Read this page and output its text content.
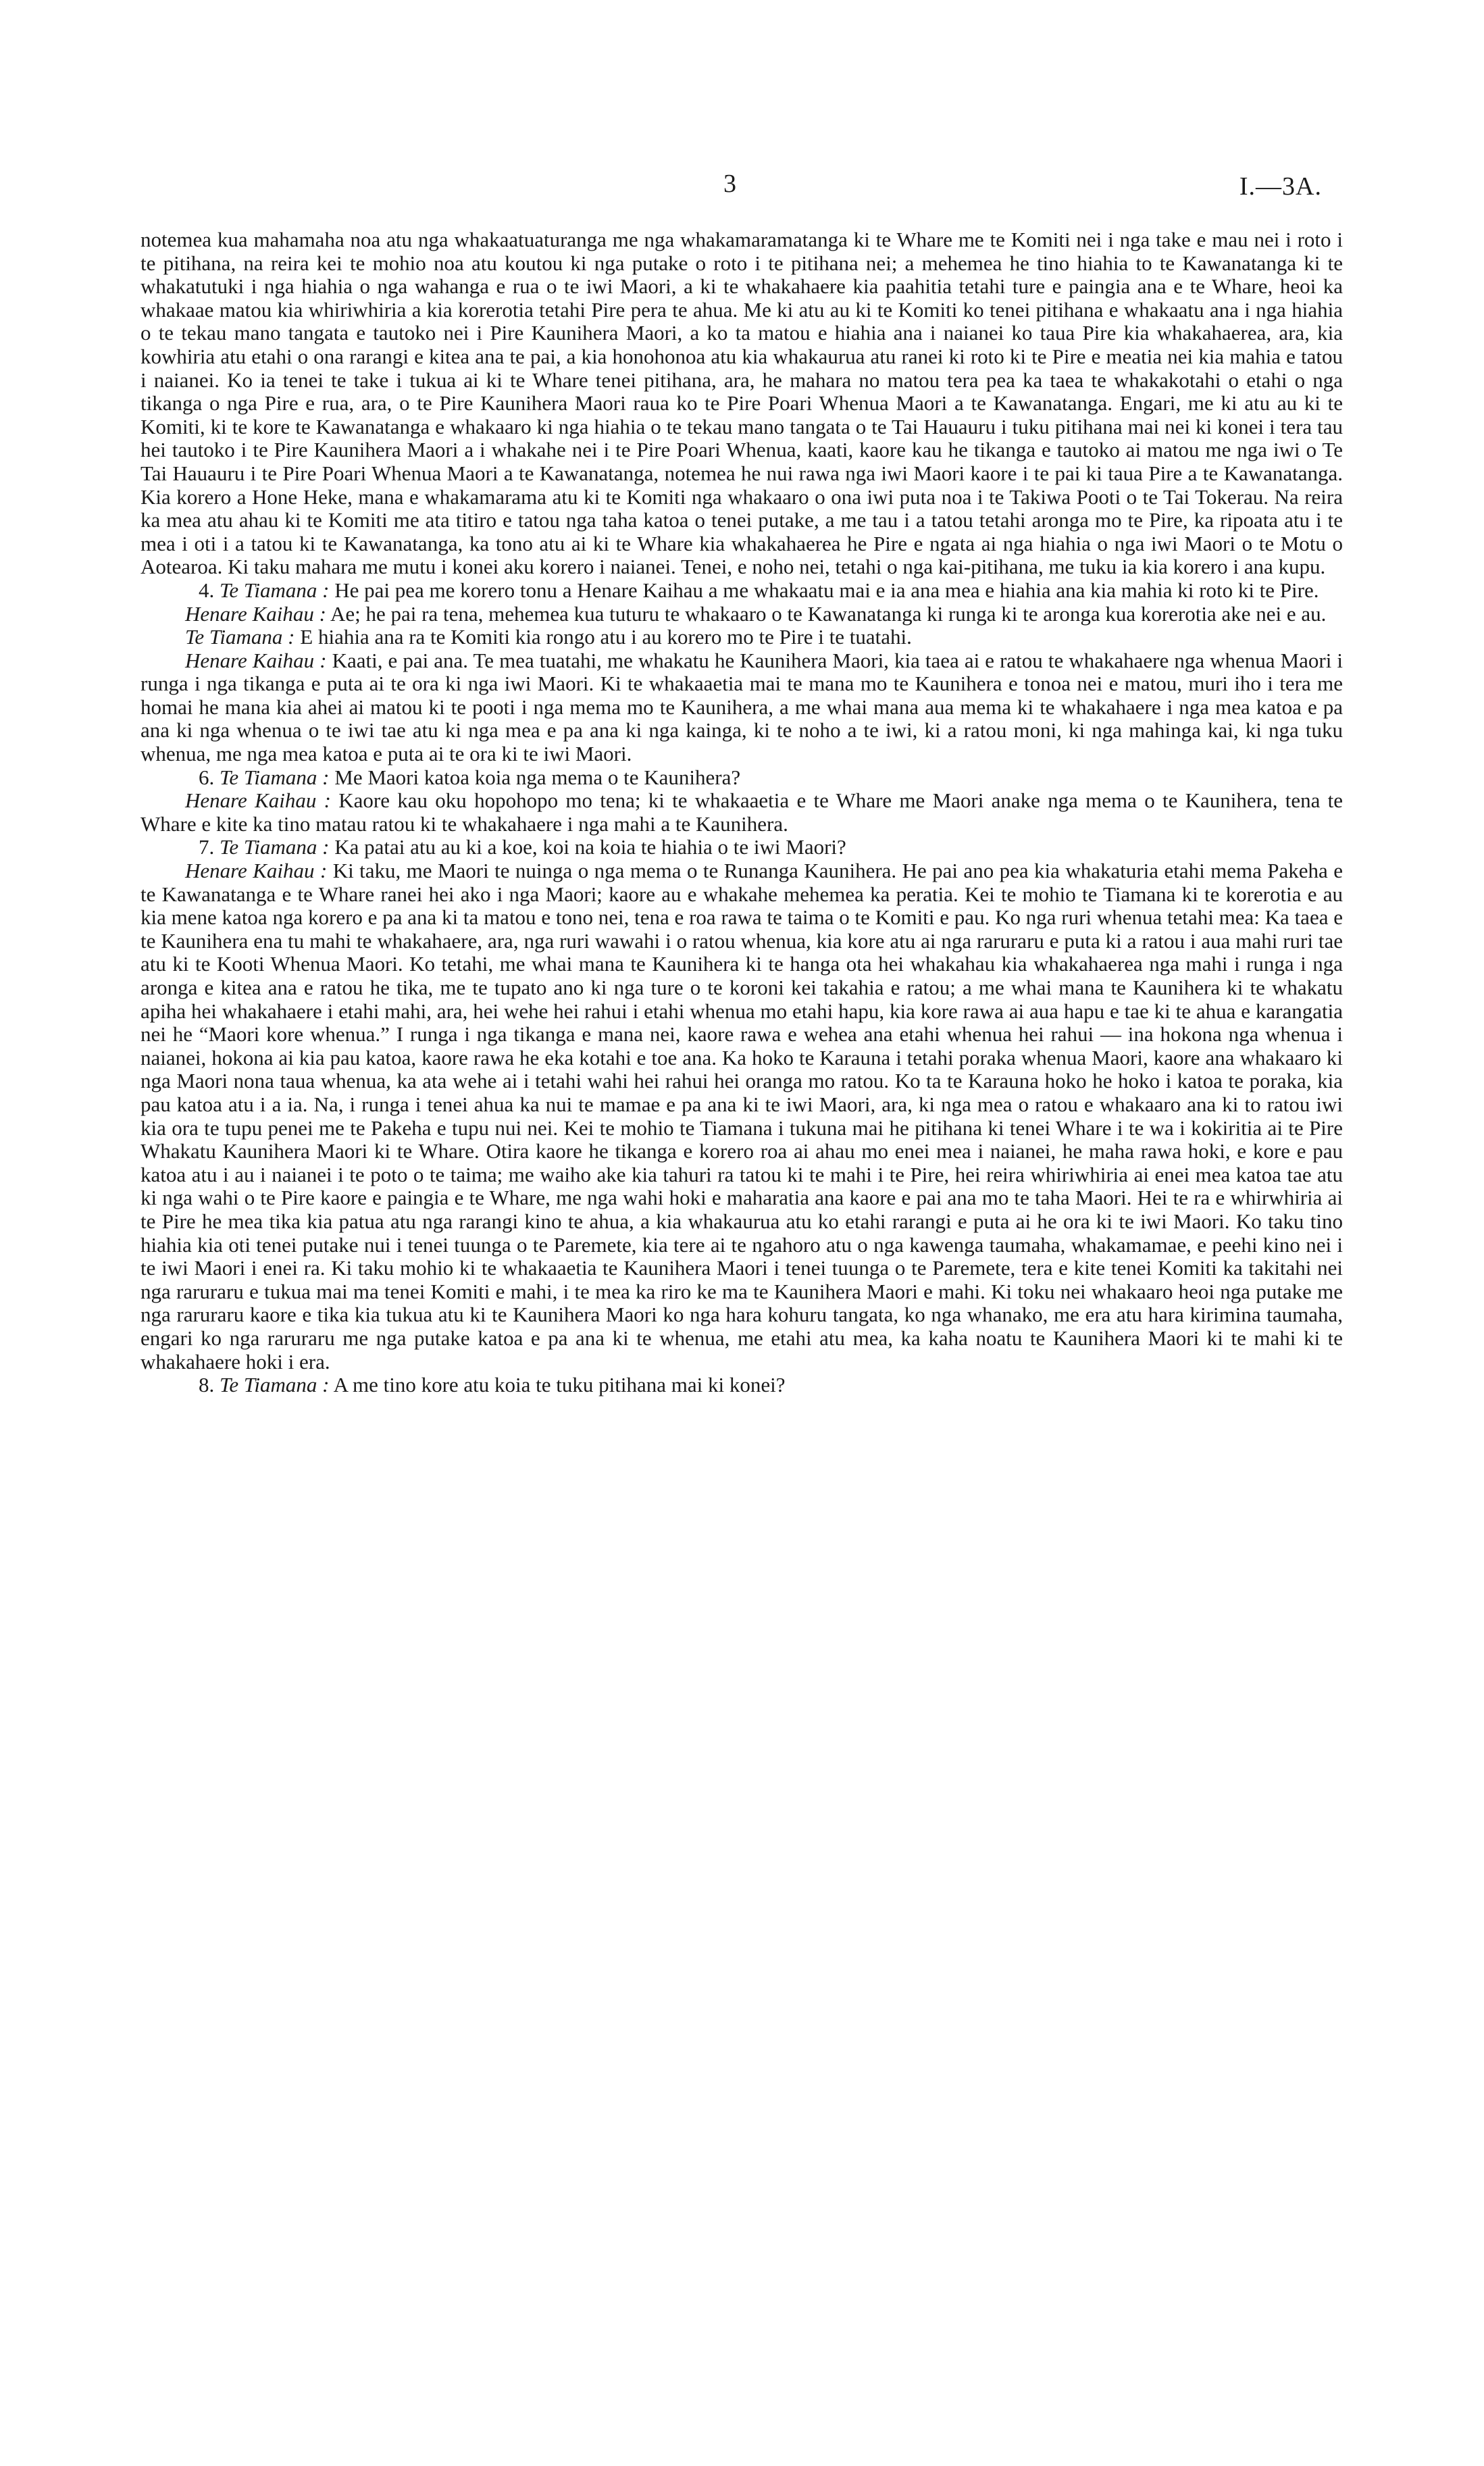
3	I.—3A.

notemea kua mahamaha noa atu nga whakaatuaturanga me nga whakamaramatanga ki te Whare me te Komiti nei i nga take e mau nei i roto i te pitihana, na reira kei te mohio noa atu koutou ki nga putake o roto i te pitihana nei; a mehemea he tino hiahia to te Kawanatanga ki te whakatutuki i nga hiahia o nga wahanga e rua o te iwi Maori, a ki te whakahaere kia paahitia tetahi ture e paingia ana e te Whare, heoi ka whakaae matou kia whiriwhiria a kia korerotia tetahi Pire pera te ahua. Me ki atu au ki te Komiti ko tenei pitihana e whakaatu ana i nga hiahia o te tekau mano tangata e tautoko nei i Pire Kaunihera Maori, a ko ta matou e hiahia ana i naianei ko taua Pire kia whakahaerea, ara, kia kowhiria atu etahi o ona rarangi e kitea ana te pai, a kia honohonoa atu kia whakaurua atu ranei ki roto ki te Pire e meatia nei kia mahia e tatou i naianei. Ko ia tenei te take i tukua ai ki te Whare tenei pitihana, ara, he mahara no matou tera pea ka taea te whakakotahi o etahi o nga tikanga o nga Pire e rua, ara, o te Pire Kaunihera Maori raua ko te Pire Poari Whenua Maori a te Kawanatanga. Engari, me ki atu au ki te Komiti, ki te kore te Kawanatanga e whakaaro ki nga hiahia o te tekau mano tangata o te Tai Hauauru i tuku pitihana mai nei ki konei i tera tau hei tautoko i te Pire Kaunihera Maori a i whakahe nei i te Pire Poari Whenua, kaati, kaore kau he tikanga e tautoko ai matou me nga iwi o Te Tai Hauauru i te Pire Poari Whenua Maori a te Kawanatanga, notemea he nui rawa nga iwi Maori kaore i te pai ki taua Pire a te Kawanatanga. Kia korero a Hone Heke, mana e whakamarama atu ki te Komiti nga whakaaro o ona iwi puta noa i te Takiwa Pooti o te Tai Tokerau. Na reira ka mea atu ahau ki te Komiti me ata titiro e tatou nga taha katoa o tenei putake, a me tau i a tatou tetahi aronga mo te Pire, ka ripoata atu i te mea i oti i a tatou ki te Kawanatanga, ka tono atu ai ki te Whare kia whakahaerea he Pire e ngata ai nga hiahia o nga iwi Maori o te Motu o Aotearoa. Ki taku mahara me mutu i konei aku korero i naianei. Tenei, e noho nei, tetahi o nga kai-pitihana, me tuku ia kia korero i ana kupu.

4. Te Tiamana : He pai pea me korero tonu a Henare Kaihau a me whakaatu mai e ia ana mea e hiahia ana kia mahia ki roto ki te Pire.

Henare Kaihau : Ae; he pai ra tena, mehemea kua tuturu te whakaaro o te Kawanatanga ki runga ki te aronga kua korerotia ake nei e au.

Te Tiamana : E hiahia ana ra te Komiti kia rongo atu i au korero mo te Pire i te tuatahi.

Henare Kaihau : Kaati, e pai ana. Te mea tuatahi, me whakatu he Kaunihera Maori, kia taea ai e ratou te whakahaere nga whenua Maori i runga i nga tikanga e puta ai te ora ki nga iwi Maori. Ki te whakaaetia mai te mana mo te Kaunihera e tonoa nei e matou, muri iho i tera me homai he mana kia ahei ai matou ki te pooti i nga mema mo te Kaunihera, a me whai mana aua mema ki te whakahaere i nga mea katoa e pa ana ki nga whenua o te iwi tae atu ki nga mea e pa ana ki nga kainga, ki te noho a te iwi, ki a ratou moni, ki nga mahinga kai, ki nga tuku whenua, me nga mea katoa e puta ai te ora ki te iwi Maori.

6. Te Tiamana : Me Maori katoa koia nga mema o te Kaunihera?

Henare Kaihau : Kaore kau oku hopohopo mo tena; ki te whakaaetia e te Whare me Maori anake nga mema o te Kaunihera, tena te Whare e kite ka tino matau ratou ki te whakahaere i nga mahi a te Kaunihera.

7. Te Tiamana : Ka patai atu au ki a koe, koi na koia te hiahia o te iwi Maori?

Henare Kaihau : Ki taku, me Maori te nuinga o nga mema o te Runanga Kaunihera. He pai ano pea kia whakaturia etahi mema Pakeha e te Kawanatanga e te Whare ranei hei ako i nga Maori; kaore au e whakahe mehemea ka peratia. Kei te mohio te Tiamana ki te korerotia e au kia mene katoa nga korero e pa ana ki ta matou e tono nei, tena e roa rawa te taima o te Komiti e pau. Ko nga ruri whenua tetahi mea: Ka taea e te Kaunihera ena tu mahi te whakahaere, ara, nga ruri wawahi i o ratou whenua, kia kore atu ai nga raruraru e puta ki a ratou i aua mahi ruri tae atu ki te Kooti Whenua Maori. Ko tetahi, me whai mana te Kaunihera ki te hanga ota hei whakahau kia whakahaerea nga mahi i runga i nga aronga e kitea ana e ratou he tika, me te tupato ano ki nga ture o te koroni kei takahia e ratou; a me whai mana te Kaunihera ki te whakatu apiha hei whakahaere i etahi mahi, ara, hei wehe hei rahui i etahi whenua mo etahi hapu, kia kore rawa ai aua hapu e tae ki te ahua e karangatia nei he “Maori kore whenua.” I runga i nga tikanga e mana nei, kaore rawa e wehea ana etahi whenua hei rahui — ina hokona nga whenua i naianei, hokona ai kia pau katoa, kaore rawa he eka kotahi e toe ana. Ka hoko te Karauna i tetahi poraka whenua Maori, kaore ana whakaaro ki nga Maori nona taua whenua, ka ata wehe ai i tetahi wahi hei rahui hei oranga mo ratou. Ko ta te Karauna hoko he hoko i katoa te poraka, kia pau katoa atu i a ia. Na, i runga i tenei ahua ka nui te mamae e pa ana ki te iwi Maori, ara, ki nga mea o ratou e whakaaro ana ki to ratou iwi kia ora te tupu penei me te Pakeha e tupu nui nei. Kei te mohio te Tiamana i tukuna mai he pitihana ki tenei Whare i te wa i kokiritia ai te Pire Whakatu Kaunihera Maori ki te Whare. Otira kaore he tikanga e korero roa ai ahau mo enei mea i naianei, he maha rawa hoki, e kore e pau katoa atu i au i naianei i te poto o te taima; me waiho ake kia tahuri ra tatou ki te mahi i te Pire, hei reira whiriwhiria ai enei mea katoa tae atu ki nga wahi o te Pire kaore e paingia e te Whare, me nga wahi hoki e maharatia ana kaore e pai ana mo te taha Maori. Hei te ra e whirwhiria ai te Pire he mea tika kia patua atu nga rarangi kino te ahua, a kia whakaurua atu ko etahi rarangi e puta ai he ora ki te iwi Maori. Ko taku tino hiahia kia oti tenei putake nui i tenei tuunga o te Paremete, kia tere ai te ngahoro atu o nga kawenga taumaha, whakamamae, e peehi kino nei i te iwi Maori i enei ra. Ki taku mohio ki te whakaaetia te Kaunihera Maori i tenei tuunga o te Paremete, tera e kite tenei Komiti ka takitahi nei nga raruraru e tukua mai ma tenei Komiti e mahi, i te mea ka riro ke ma te Kaunihera Maori e mahi. Ki toku nei whakaaro heoi nga putake me nga raruraru kaore e tika kia tukua atu ki te Kaunihera Maori ko nga hara kohuru tangata, ko nga whanako, me era atu hara kirimina taumaha, engari ko nga raruraru me nga putake katoa e pa ana ki te whenua, me etahi atu mea, ka kaha noatu te Kaunihera Maori ki te mahi ki te whakahaere hoki i era.

8. Te Tiamana : A me tino kore atu koia te tuku pitihana mai ki konei?
